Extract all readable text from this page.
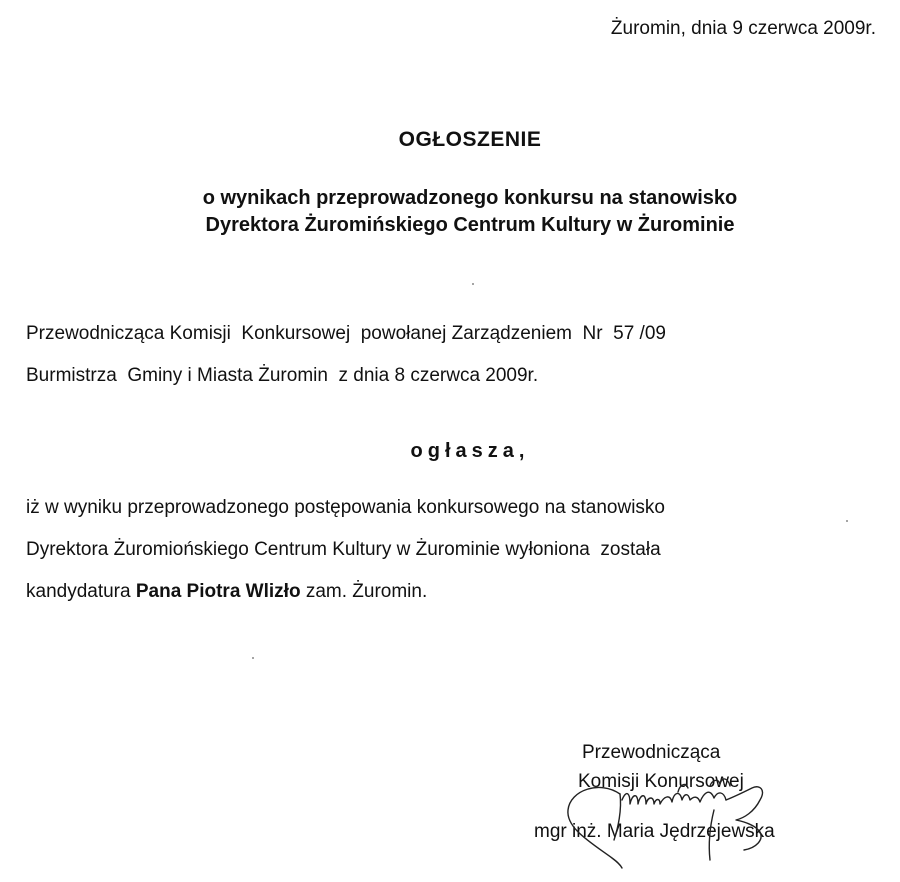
Żuromin, dnia 9 czerwca 2009r.
OGŁOSZENIE
o wynikach przeprowadzonego konkursu na stanowisko
Dyrektora Żuromińskiego Centrum Kultury w Żurominie
Przewodnicząca Komisji  Konkursowej  powołanej Zarządzeniem  Nr  57 /09
Burmistrza  Gminy i Miasta Żuromin  z dnia 8 czerwca 2009r.
ogłasza,
iż w wyniku przeprowadzonego postępowania konkursowego na stanowisko
Dyrektora Żuromiońskiego Centrum Kultury w Żurominie wyłoniona  została
kandydatura Pana Piotra Wlizło zam. Żuromin.
Przewodnicząca
Komisji Konursowej
mgr inż. Maria Jędrzejewska
